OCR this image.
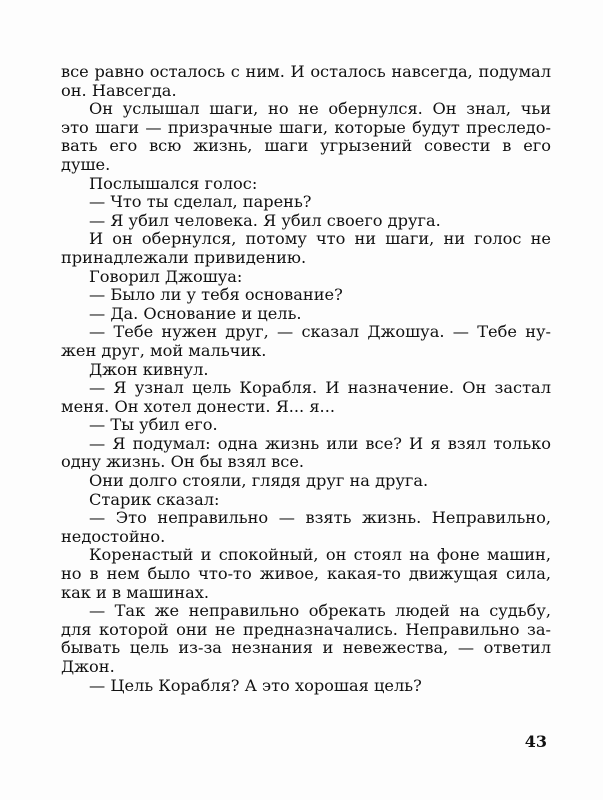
все равно осталось с ним. И осталось навсегда, подумал
он. Навсегда.
Он услышал шаги, но не обернулся. Он знал, чьи
это шаги — призрачные шаги, которые будут преследо-
вать его всю жизнь, шаги угрызений совести в его
душе.
Послышался голос:
— Что ты сделал, парень?
— Я убил человека. Я убил своего друга.
И он обернулся, потому что ни шаги, ни голос не
принадлежали привидению.
Говорил Джошуа:
— Было ли у тебя основание?
— Да. Основание и цель.
— Тебе нужен друг, — сказал Джошуа. — Тебе ну-
жен друг, мой мальчик.
Джон кивнул.
— Я узнал цель Корабля. И назначение. Он застал
меня. Он хотел донести. Я... я...
— Ты убил его.
— Я подумал: одна жизнь или все? И я взял только
одну жизнь. Он бы взял все.
Они долго стояли, глядя друг на друга.
Старик сказал:
— Это неправильно — взять жизнь. Неправильно,
недостойно.
Коренастый и спокойный, он стоял на фоне машин,
но в нем было что-то живое, какая-то движущая сила,
как и в машинах.
— Так же неправильно обрекать людей на судьбу,
для которой они не предназначались. Неправильно за-
бывать цель из-за незнания и невежества, — ответил
Джон.
— Цель Корабля? А это хорошая цель?
43
